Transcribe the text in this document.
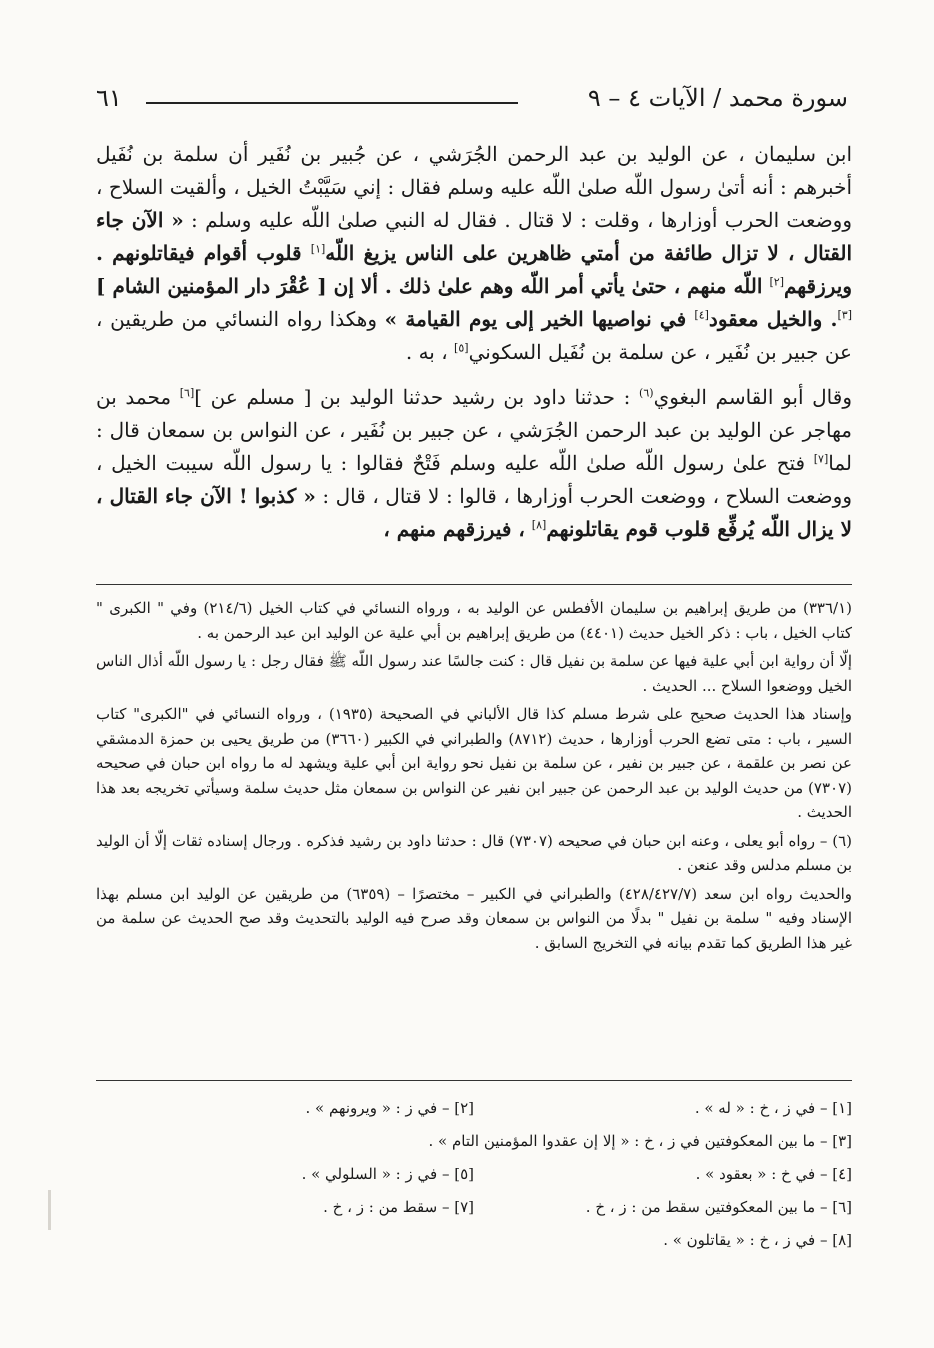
سورة محمد / الآيات ٤ – ٩
٦١

ابن سليمان ، عن الوليد بن عبد الرحمن الجُرَشي ، عن جُبير بن نُفَير أن سلمة بن نُفَيل أخبرهم : أنه أتىٰ رسول اللّه صلىٰ اللّه عليه وسلم فقال : إني سَيَّبْتُ الخيل ، وألقيت السلاح ، ووضعت الحرب أوزارها ، وقلت : لا قتال . فقال له النبي صلىٰ اللّه عليه وسلم : « الآن جاء القتال ، لا تزال طائفة من أمتي ظاهرين على الناس يزيغ اللّه[١] قلوب أقوام فيقاتلونهم . ويرزقهم[٢] اللّه منهم ، حتىٰ يأتي أمر اللّه وهم علىٰ ذلك . ألا إن [ عُقْرَ دار المؤمنين الشام ][٣]. والخيل معقود[٤] في نواصيها الخير إلى يوم القيامة » وهكذا رواه النسائي من طريقين ، عن جبير بن نُفَير ، عن سلمة بن نُفَيل السكوني[٥] ، به .

وقال أبو القاسم البغوي$^{(٦)}$ : حدثنا داود بن رشيد حدثنا الوليد بن [ مسلم عن ][٦] محمد بن مهاجر عن الوليد بن عبد الرحمن الجُرَشي ، عن جبير بن نُفَير ، عن النواس بن سمعان قال : لما[٧] فتح علىٰ رسول اللّه صلىٰ اللّه عليه وسلم فَتْحٌ فقالوا : يا رسول اللّه سيبت الخيل ، ووضعت السلاح ، ووضعت الحرب أوزارها ، قالوا : لا قتال ، قال : « كذبوا ! الآن جاء القتال ، لا يزال اللّه يُرفِّع قلوب قوم يقاتلونهم[٨] ، فيرزقهم منهم ،

(٣٣٦/١) من طريق إبراهيم بن سليمان الأفطس عن الوليد به ، ورواه النسائي في كتاب الخيل (٢١٤/٦) وفي " الكبرى " كتاب الخيل ، باب : ذكر الخيل حديث (٤٤٠١) من طريق إبراهيم بن أبي علية عن الوليد ابن عبد الرحمن به .

إلّا أن رواية ابن أبي علية فيها عن سلمة بن نفيل قال : كنت جالسًا عند رسول اللّه ﷺ فقال رجل : يا رسول اللّه أذال الناس الخيل ووضعوا السلاح ... الحديث .

وإسناد هذا الحديث صحيح على شرط مسلم كذا قال الألباني في الصحيحة (١٩٣٥) ، ورواه النسائي في "الكبرى" كتاب السير ، باب : متى تضع الحرب أوزارها ، حديث (٨٧١٢) والطبراني في الكبير (٣٦٦٠) من طريق يحيى بن حمزة الدمشقي عن نصر بن علقمة ، عن جبير بن نفير ، عن سلمة بن نفيل نحو رواية ابن أبي علية ويشهد له ما رواه ابن حبان في صحيحه (٧٣٠٧) من حديث الوليد بن عبد الرحمن عن جبير ابن نفير عن النواس بن سمعان مثل حديث سلمة وسيأتي تخريجه بعد هذا الحديث .

(٦) – رواه أبو يعلى ، وعنه ابن حبان في صحيحه (٧٣٠٧) قال : حدثنا داود بن رشيد فذكره . ورجال إسناده ثقات إلّا أن الوليد بن مسلم مدلس وقد عنعن .

والحديث رواه ابن سعد (٤٢٨/٤٢٧/٧) والطبراني في الكبير – مختصرًا – (٦٣٥٩) من طريقين عن الوليد ابن مسلم بهذا الإسناد وفيه " سلمة بن نفيل " بدلًا من النواس بن سمعان وقد صرح فيه الوليد بالتحديث وقد صح الحديث عن سلمة من غير هذا الطريق كما تقدم بيانه في التخريج السابق .

[١] – في ز ، خ : « له » .
[٢] – في ز : « ويرونهم » .
[٣] – ما بين المعكوفتين في ز ، خ : « إلا إن عقدوا المؤمنين التام » .
[٤] – في خ : « بعقود » .
[٥] – في ز : « السلولي » .
[٦] – ما بين المعكوفتين سقط من : ز ، خ .
[٧] – سقط من : ز ، خ .
[٨] – في ز ، خ : « يقاتلون » .
